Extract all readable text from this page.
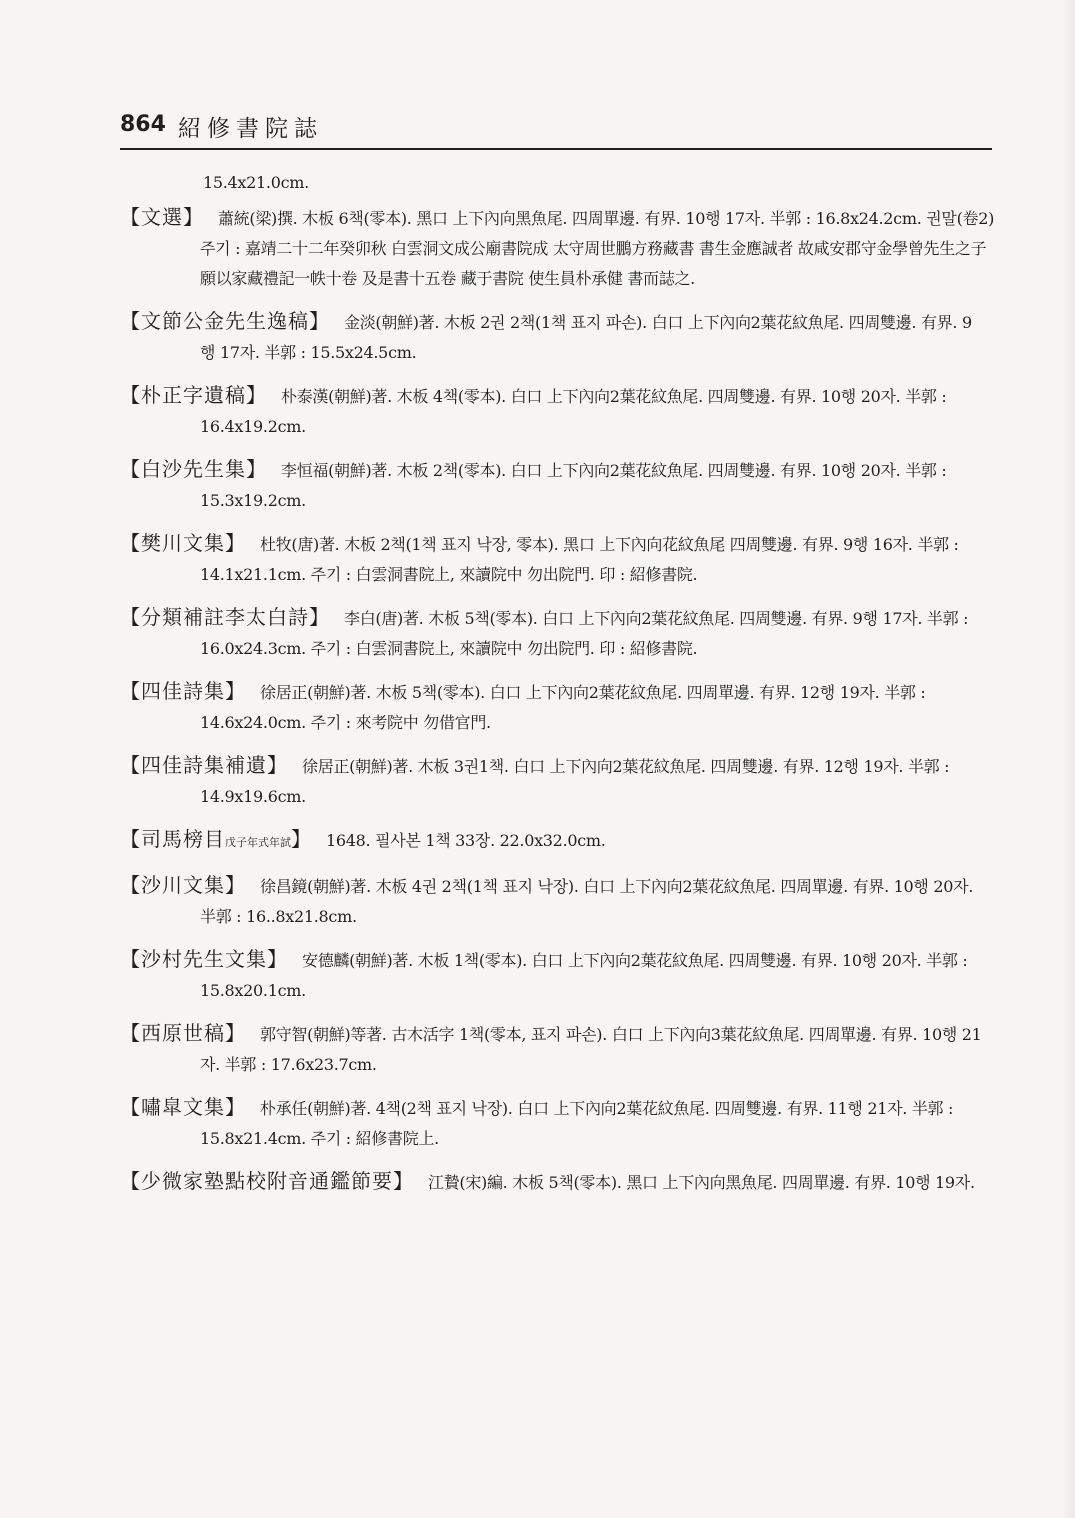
864 紹修書院誌
15.4x21.0cm.
【文選】 蕭統(梁)撰. 木板 6책(零本). 黑口 上下內向黑魚尾. 四周單邊. 有界. 10행 17자. 半郭 : 16.8x24.2cm. 권말(卷2)
주기 : 嘉靖二十二年癸卯秋 白雲洞文成公廟書院成 太守周世鵬方務藏書 書生金應誠者 故咸安郡守金學曾先生之子
願以家藏禮記一帙十卷 及是書十五卷 藏于書院 使生員朴承健 書而誌之.
【文節公金先生逸稿】 金淡(朝鮮)著. 木板 2권 2책(1책 표지 파손). 白口 上下內向2葉花紋魚尾. 四周雙邊. 有界. 9
행 17자. 半郭 : 15.5x24.5cm.
【朴正字遺稿】 朴泰漢(朝鮮)著. 木板 4책(零本). 白口 上下內向2葉花紋魚尾. 四周雙邊. 有界. 10행 20자. 半郭 :
16.4x19.2cm.
【白沙先生集】 李恒福(朝鮮)著. 木板 2책(零本). 白口 上下內向2葉花紋魚尾. 四周雙邊. 有界. 10행 20자. 半郭 :
15.3x19.2cm.
【樊川文集】 杜牧(唐)著. 木板 2책(1책 표지 낙장, 零本). 黑口 上下內向花紋魚尾 四周雙邊. 有界. 9행 16자. 半郭 :
14.1x21.1cm. 주기 : 白雲洞書院上, 來讀院中 勿出院門. 印 : 紹修書院.
【分類補註李太白詩】 李白(唐)著. 木板 5책(零本). 白口 上下內向2葉花紋魚尾. 四周雙邊. 有界. 9행 17자. 半郭 :
16.0x24.3cm. 주기 : 白雲洞書院上, 來讀院中 勿出院門. 印 : 紹修書院.
【四佳詩集】 徐居正(朝鮮)著. 木板 5책(零本). 白口 上下內向2葉花紋魚尾. 四周單邊. 有界. 12행 19자. 半郭 :
14.6x24.0cm. 주기 : 來考院中 勿借官門.
【四佳詩集補遺】 徐居正(朝鮮)著. 木板 3권1책. 白口 上下內向2葉花紋魚尾. 四周雙邊. 有界. 12행 19자. 半郭 :
14.9x19.6cm.
【司馬榜目戊子年式年試】 1648. 필사본 1책 33장. 22.0x32.0cm.
【沙川文集】 徐昌鏡(朝鮮)著. 木板 4권 2책(1책 표지 낙장). 白口 上下內向2葉花紋魚尾. 四周單邊. 有界. 10행 20자.
半郭 : 16..8x21.8cm.
【沙村先生文集】 安德麟(朝鮮)著. 木板 1책(零本). 白口 上下內向2葉花紋魚尾. 四周雙邊. 有界. 10행 20자. 半郭 :
15.8x20.1cm.
【西原世稿】 郭守智(朝鮮)等著. 古木活字 1책(零本, 표지 파손). 白口 上下內向3葉花紋魚尾. 四周單邊. 有界. 10행 21
자. 半郭 : 17.6x23.7cm.
【嘯皐文集】 朴承任(朝鮮)著. 4책(2책 표지 낙장). 白口 上下內向2葉花紋魚尾. 四周雙邊. 有界. 11행 21자. 半郭 :
15.8x21.4cm. 주기 : 紹修書院上.
【少微家塾點校附音通鑑節要】 江贄(宋)編. 木板 5책(零本). 黑口 上下內向黑魚尾. 四周單邊. 有界. 10행 19자.
